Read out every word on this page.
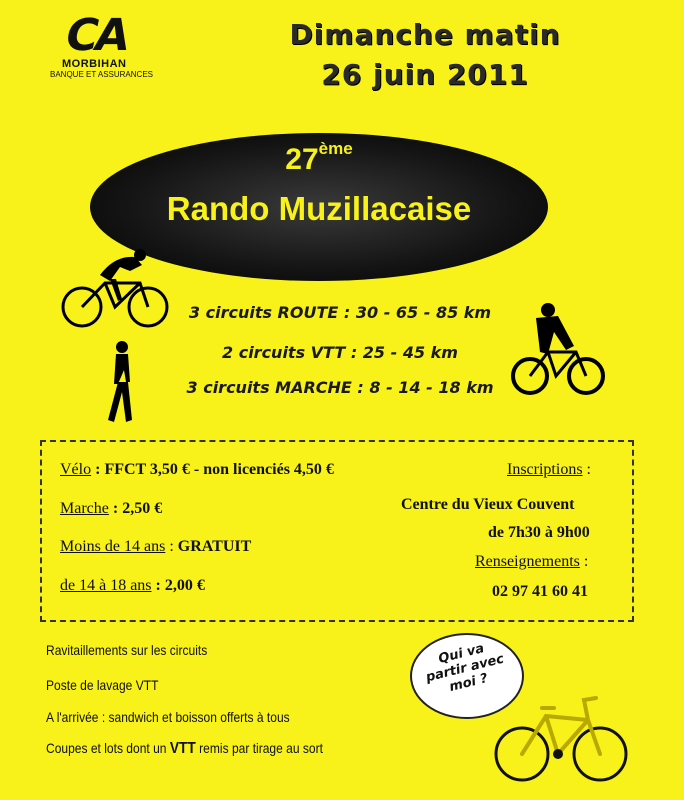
CA
MORBIHAN
BANQUE ET ASSURANCES
Dimanche matin
26 juin 2011
27ème
Rando Muzillacaise
3 circuits ROUTE : 30 - 65 - 85 km
2 circuits VTT : 25 - 45 km
3 circuits MARCHE : 8 - 14 - 18 km
Vélo : FFCT 3,50 € - non licenciés 4,50 €
Marche : 2,50 €
Moins de 14 ans : GRATUIT
de 14 à 18 ans : 2,00 €
Inscriptions :
Centre du Vieux Couvent
de 7h30 à 9h00
Renseignements :
02 97 41 60 41
Ravitaillements sur les circuits
Poste de lavage VTT
A l'arrivée : sandwich et boisson offerts à tous
Coupes et lots dont un VTT remis par tirage au sort
Qui va partir avec moi ?
